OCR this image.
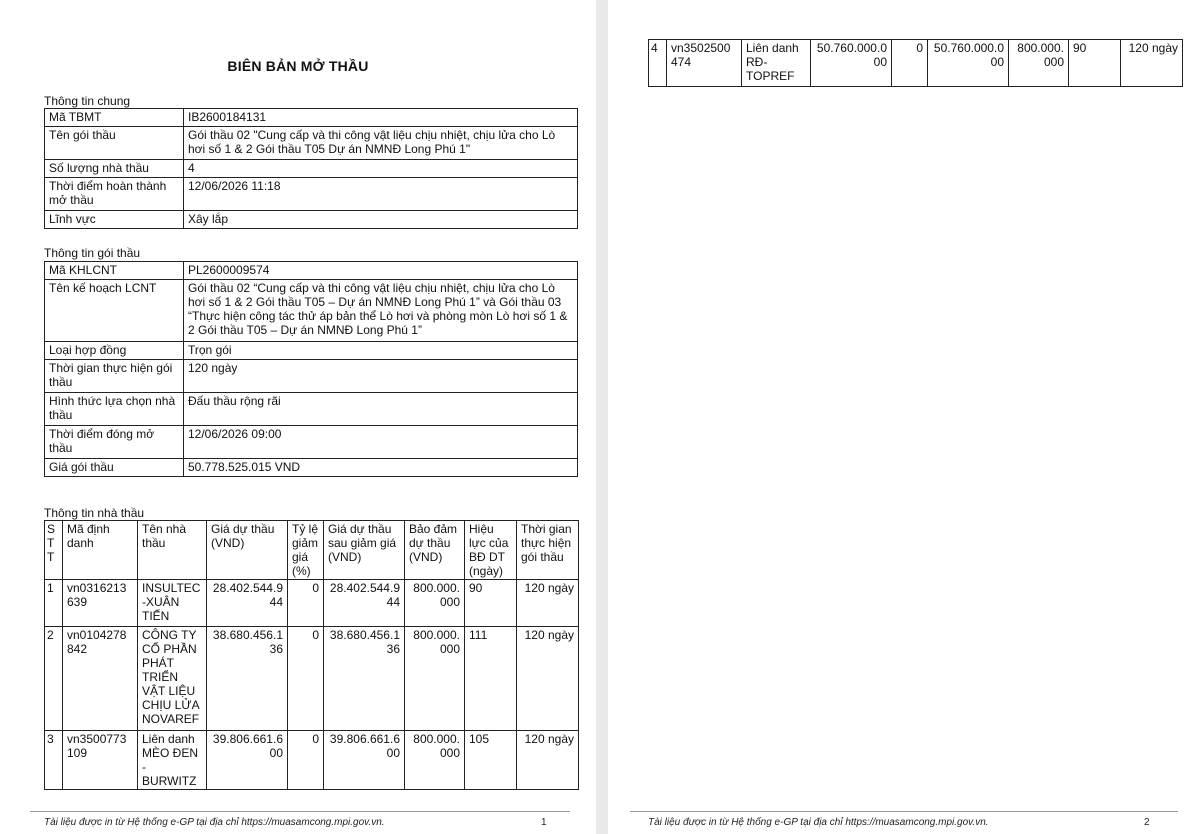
BIÊN BẢN MỞ THẦU
Thông tin chung
Mã TBMT	IB2600184131
Tên gói thầu	Gói thầu 02 "Cung cấp và thi công vật liệu chịu nhiệt, chịu lửa cho Lò hơi số 1 & 2 Gói thầu T05 Dự án NMNĐ Long Phú 1"
Số lượng nhà thầu	4
Thời điểm hoàn thành mở thầu	12/06/2026 11:18
Lĩnh vực	Xây lắp
Thông tin gói thầu
Mã KHLCNT	PL2600009574
Tên kế hoạch LCNT	Gói thầu 02 “Cung cấp và thi công vật liệu chịu nhiệt, chịu lửa cho Lò hơi số 1 & 2 Gói thầu T05 – Dự án NMNĐ Long Phú 1” và Gói thầu 03 “Thực hiện công tác thử áp bản thể Lò hơi và phòng mòn Lò hơi số 1 & 2 Gói thầu T05 – Dự án NMNĐ Long Phú 1”
Loại hợp đồng	Trọn gói
Thời gian thực hiện gói thầu	120 ngày
Hình thức lựa chọn nhà thầu	Đấu thầu rộng rãi
Thời điểm đóng mở thầu	12/06/2026 09:00
Giá gói thầu	50.778.525.015 VND
Thông tin nhà thầu
S T T	Mã định danh	Tên nhà thầu	Giá dự thầu (VND)	Tỷ lệ giảm giá (%)	Giá dự thầu sau giảm giá (VND)	Bảo đảm dự thầu (VND)	Hiệu lực của BĐ DT (ngày)	Thời gian thực hiện gói thầu
1	vn0316213 639	INSULTEC-XUÂN TIẾN	28.402.544.9 44	0	28.402.544.9 44	800.000. 000	90	120 ngày
2	vn0104278 842	CÔNG TY CỔ PHẦN PHÁT TRIỂN VẬT LIỆU CHỊU LỬA NOVAREF	38.680.456.1 36	0	38.680.456.1 36	800.000. 000	111	120 ngày
3	vn3500773 109	Liên danh MÈO ĐEN - BURWITZ	39.806.661.6 00	0	39.806.661.6 00	800.000. 000	105	120 ngày
Tài liệu được in từ Hệ thống e-GP tại địa chỉ https://muasamcong.mpi.gov.vn.	1
4	vn3502500 474	Liên danh RĐ-TOPREF	50.760.000.0 00	0	50.760.000.0 00	800.000. 000	90	120 ngày
Tài liệu được in từ Hệ thống e-GP tại địa chỉ https://muasamcong.mpi.gov.vn.	2
